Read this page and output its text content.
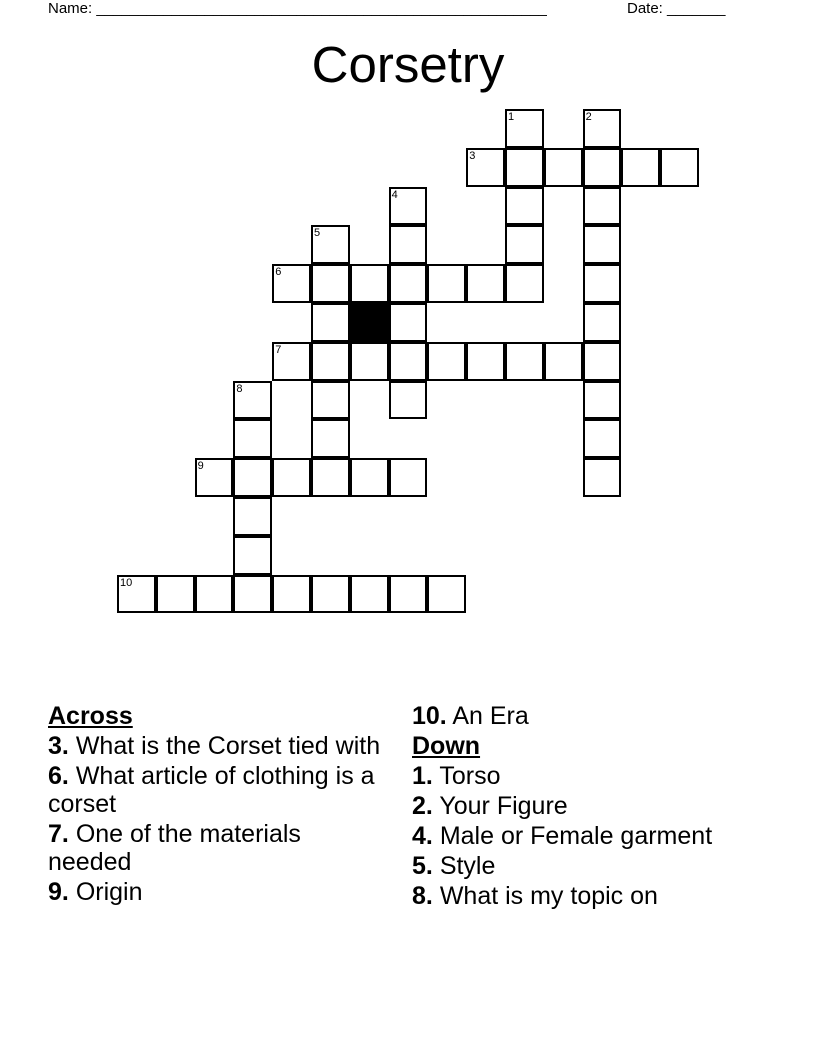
Name: ______________________________________________________	Date: _______
Corsetry
1	2
3
4
5
6
7
8
9
10
Across
3. What is the Corset tied with
6. What article of clothing is a corset
7. One of the materials needed
9. Origin
10. An Era
Down
1. Torso
2. Your Figure
4. Male or Female garment
5. Style
8. What is my topic on
